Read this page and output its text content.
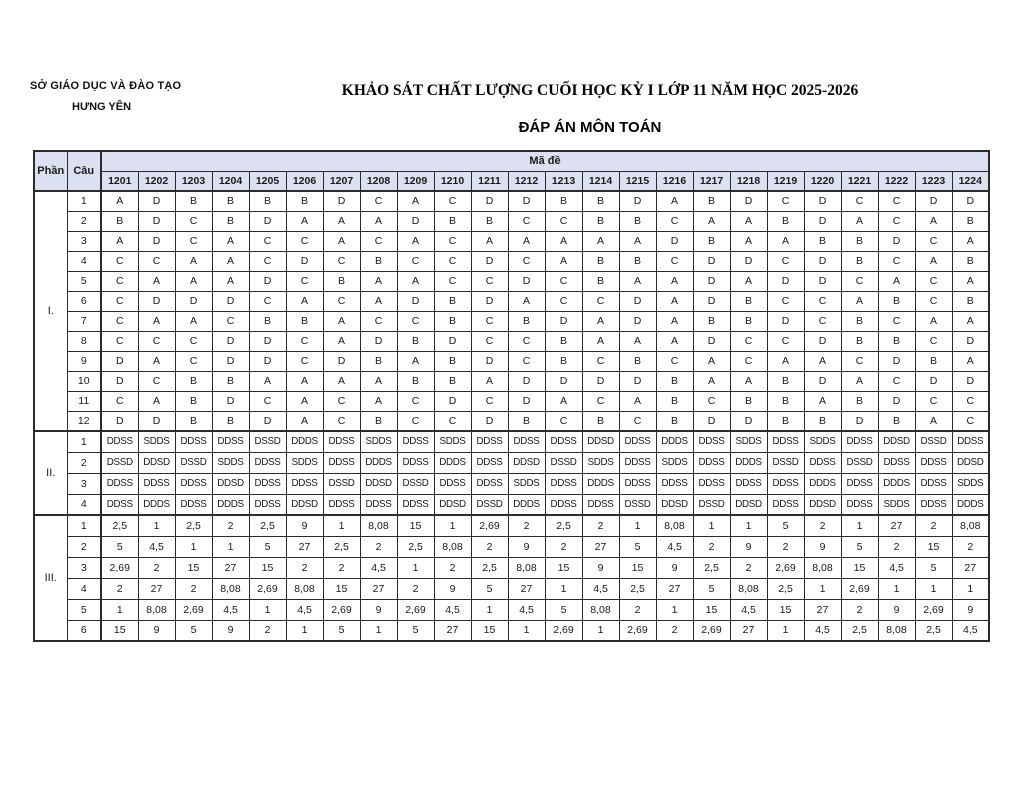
SỞ GIÁO DỤC VÀ ĐÀO TẠO
HƯNG YÊN
KHẢO SÁT CHẤT LƯỢNG CUỐI HỌC KỲ I LỚP 11 NĂM HỌC 2025-2026
ĐÁP ÁN MÔN TOÁN
Phần	Câu	Mã đề																							
		1201	1202	1203	1204	1205	1206	1207	1208	1209	1210	1211	1212	1213	1214	1215	1216	1217	1218	1219	1220	1221	1222	1223	1224
I.	1	A	D	B	B	B	B	D	C	A	C	D	D	B	B	D	A	B	D	C	D	C	C	D	D
	2	B	D	C	B	D	A	A	A	D	B	B	C	C	B	B	C	A	A	B	D	A	C	A	B
	3	A	D	C	A	C	C	A	C	A	C	A	A	A	A	A	D	B	A	A	B	B	D	C	A
	4	C	C	A	A	C	D	C	B	C	C	D	C	A	B	B	C	D	D	C	D	B	C	A	B
	5	C	A	A	A	D	C	B	A	A	C	C	D	C	B	A	A	D	A	D	D	C	A	C	A
	6	C	D	D	D	C	A	C	A	D	B	D	A	C	C	D	A	D	B	C	C	A	B	C	B
	7	C	A	A	C	B	B	A	C	C	B	C	B	D	A	D	A	B	B	D	C	B	C	A	A
	8	C	C	C	D	D	C	A	D	B	D	C	C	B	A	A	A	D	C	C	D	B	B	C	D
	9	D	A	C	D	D	C	D	B	A	B	D	C	B	C	B	C	A	C	A	A	C	D	B	A
	10	D	C	B	B	A	A	A	A	B	B	A	D	D	D	D	B	A	A	B	D	A	C	D	D
	11	C	A	B	D	C	A	C	A	C	D	C	D	A	C	A	B	C	B	B	A	B	D	C	C
	12	D	D	B	B	D	A	C	B	C	C	D	B	C	B	C	B	D	D	B	B	D	B	A	C
II.	1	DDSS	SDDS	DDSS	DDSS	DSSD	DDDS	DDSS	SDDS	DDSS	SDDS	DDSS	DDSS	DDSS	DDSD	DDSS	DDDS	DDSS	SDDS	DDSS	SDDS	DDSS	DDSD	DSSD	DDSS
	2	DSSD	DDSD	DSSD	SDDS	DDSS	SDDS	DDSS	DDDS	DDSS	DDDS	DDSS	DDSD	DSSD	SDDS	DDSS	SDDS	DDSS	DDDS	DSSD	DDSS	DSSD	DDSS	DDSS	DDSD
	3	DDSS	DDSS	DDSS	DDSD	DDSS	DDSS	DSSD	DDSD	DSSD	DDSS	DDSS	SDDS	DDSS	DDDS	DDSS	DDSS	DDSS	DDSS	DDSS	DDDS	DDSS	DDDS	DDSS	SDDS
	4	DDSS	DDDS	DDSS	DDDS	DDSS	DDSD	DDSS	DDSS	DDSS	DDSD	DSSD	DDDS	DDSS	DDSS	DSSD	DDSD	DSSD	DDSD	DDSS	DDSD	DDSS	SDDS	DDSS	DDDS
III.	1	2,5	1	2,5	2	2,5	9	1	8,08	15	1	2,69	2	2,5	2	1	8,08	1	1	5	2	1	27	2	8,08
	2	5	4,5	1	1	5	27	2,5	2	2,5	8,08	2	9	2	27	5	4,5	2	9	2	9	5	2	15	2
	3	2,69	2	15	27	15	2	2	4,5	1	2	2,5	8,08	15	9	15	9	2,5	2	2,69	8,08	15	4,5	5	27
	4	2	27	2	8,08	2,69	8,08	15	27	2	9	5	27	1	4,5	2,5	27	5	8,08	2,5	1	2,69	1	1	1
	5	1	8,08	2,69	4,5	1	4,5	2,69	9	2,69	4,5	1	4,5	5	8,08	2	1	15	4,5	15	27	2	9	2,69	9
	6	15	9	5	9	2	1	5	1	5	27	15	1	2,69	1	2,69	2	2,69	27	1	4,5	2,5	8,08	2,5	4,5
